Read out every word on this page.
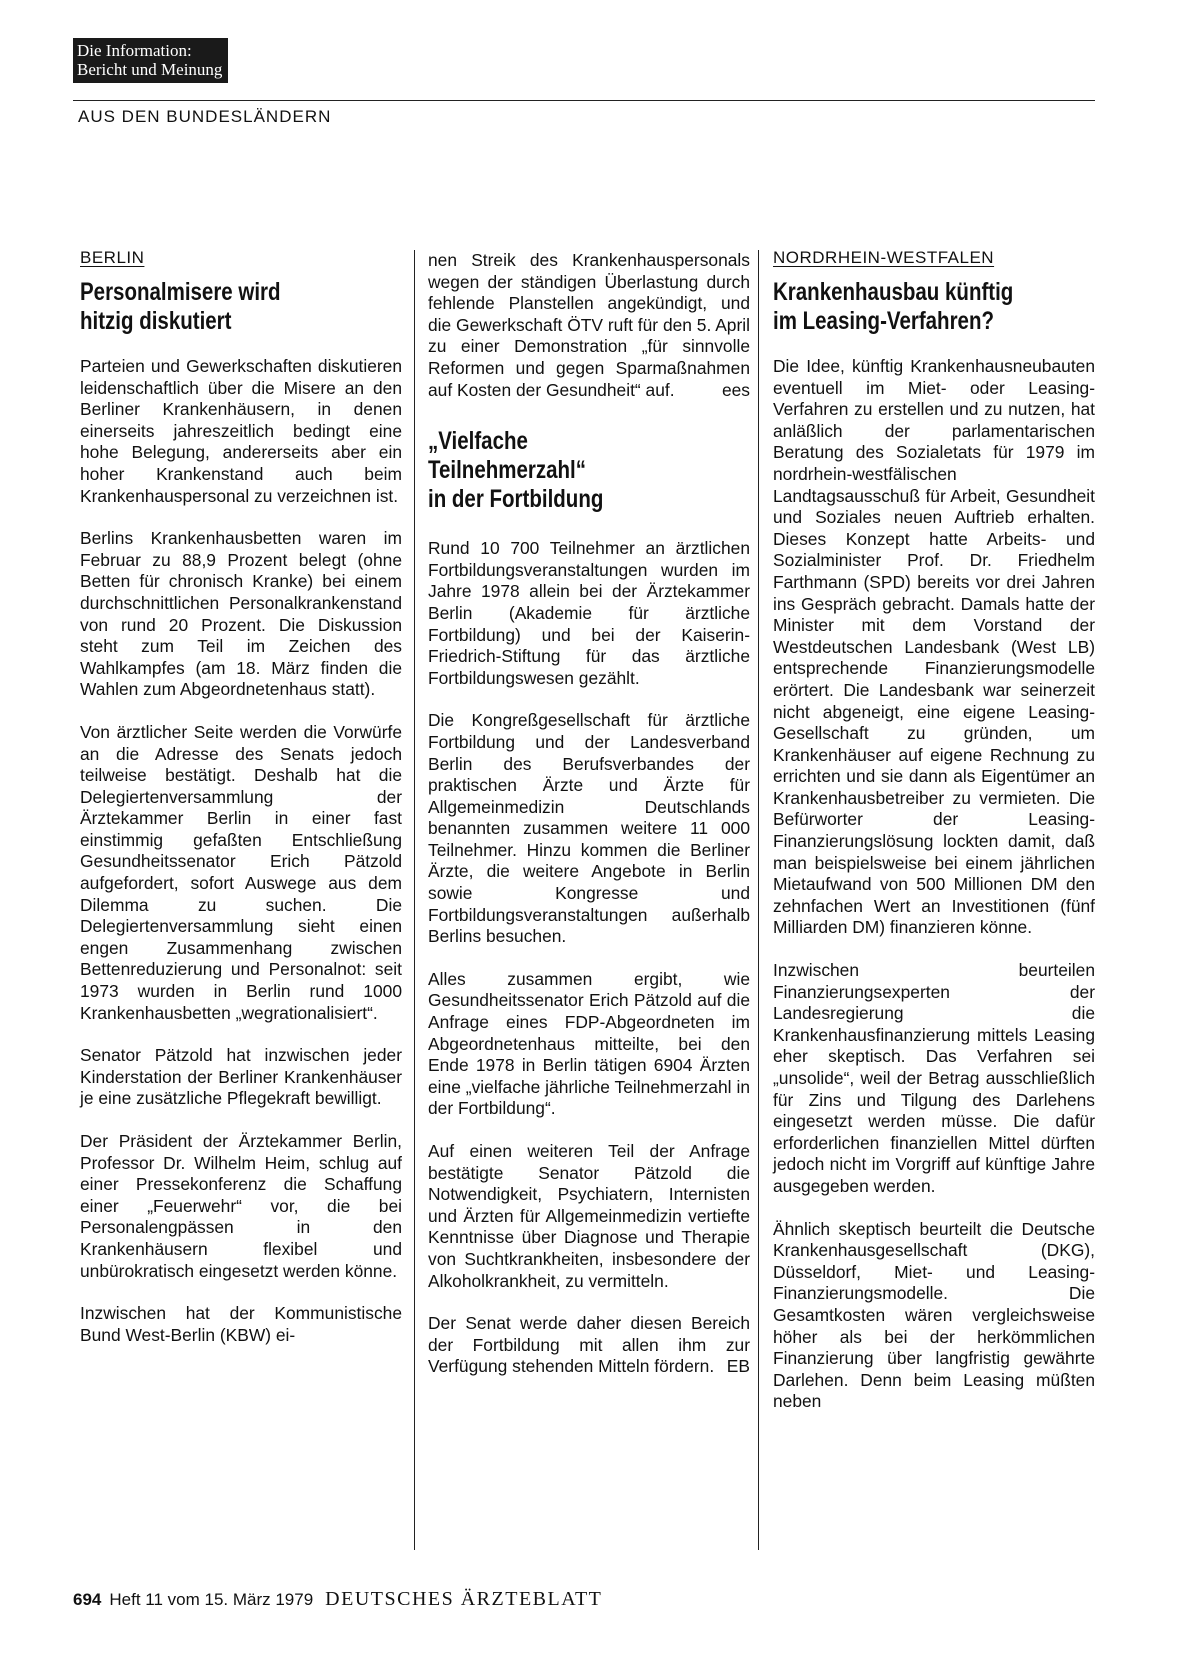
Die Information:
Bericht und Meinung
AUS DEN BUNDESLÄNDERN
BERLIN
Personalmisere wird
hitzig diskutiert

Parteien und Gewerkschaften diskutieren leidenschaftlich über die Misere an den Berliner Krankenhäusern, in denen einerseits jahreszeitlich bedingt eine hohe Belegung, andererseits aber ein hoher Krankenstand auch beim Krankenhauspersonal zu verzeichnen ist.

Berlins Krankenhausbetten waren im Februar zu 88,9 Prozent belegt (ohne Betten für chronisch Kranke) bei einem durchschnittlichen Personalkrankenstand von rund 20 Prozent. Die Diskussion steht zum Teil im Zeichen des Wahlkampfes (am 18. März finden die Wahlen zum Abgeordnetenhaus statt).

Von ärztlicher Seite werden die Vorwürfe an die Adresse des Senats jedoch teilweise bestätigt. Deshalb hat die Delegiertenversammlung der Ärztekammer Berlin in einer fast einstimmig gefaßten Entschließung Gesundheitssenator Erich Pätzold aufgefordert, sofort Auswege aus dem Dilemma zu suchen. Die Delegiertenversammlung sieht einen engen Zusammenhang zwischen Bettenreduzierung und Personalnot: seit 1973 wurden in Berlin rund 1000 Krankenhausbetten „wegrationalisiert“.

Senator Pätzold hat inzwischen jeder Kinderstation der Berliner Krankenhäuser je eine zusätzliche Pflegekraft bewilligt.

Der Präsident der Ärztekammer Berlin, Professor Dr. Wilhelm Heim, schlug auf einer Pressekonferenz die Schaffung einer „Feuerwehr“ vor, die bei Personalengpässen in den Krankenhäusern flexibel und unbürokratisch eingesetzt werden könne.

Inzwischen hat der Kommunistische Bund West-Berlin (KBW) ei-

nen Streik des Krankenhauspersonals wegen der ständigen Überlastung durch fehlende Planstellen angekündigt, und die Gewerkschaft ÖTV ruft für den 5. April zu einer Demonstration „für sinnvolle Reformen und gegen Sparmaßnahmen auf Kosten der Gesundheit“ auf.	ees

„Vielfache
Teilnehmerzahl“
in der Fortbildung

Rund 10 700 Teilnehmer an ärztlichen Fortbildungsveranstaltungen wurden im Jahre 1978 allein bei der Ärztekammer Berlin (Akademie für ärztliche Fortbildung) und bei der Kaiserin-Friedrich-Stiftung für das ärztliche Fortbildungswesen gezählt.

Die Kongreßgesellschaft für ärztliche Fortbildung und der Landesverband Berlin des Berufsverbandes der praktischen Ärzte und Ärzte für Allgemeinmedizin Deutschlands benannten zusammen weitere 11 000 Teilnehmer. Hinzu kommen die Berliner Ärzte, die weitere Angebote in Berlin sowie Kongresse und Fortbildungsveranstaltungen außerhalb Berlins besuchen.

Alles zusammen ergibt, wie Gesundheitssenator Erich Pätzold auf die Anfrage eines FDP-Abgeordneten im Abgeordnetenhaus mitteilte, bei den Ende 1978 in Berlin tätigen 6904 Ärzten eine „vielfache jährliche Teilnehmerzahl in der Fortbildung“.

Auf einen weiteren Teil der Anfrage bestätigte Senator Pätzold die Notwendigkeit, Psychiatern, Internisten und Ärzten für Allgemeinmedizin vertiefte Kenntnisse über Diagnose und Therapie von Suchtkrankheiten, insbesondere der Alkoholkrankheit, zu vermitteln.

Der Senat werde daher diesen Bereich der Fortbildung mit allen ihm zur Verfügung stehenden Mitteln fördern. EB

NORDRHEIN-WESTFALEN
Krankenhausbau künftig
im Leasing-Verfahren?

Die Idee, künftig Krankenhausneubauten eventuell im Miet- oder Leasing-Verfahren zu erstellen und zu nutzen, hat anläßlich der parlamentarischen Beratung des Sozialetats für 1979 im nordrhein-westfälischen Landtagsausschuß für Arbeit, Gesundheit und Soziales neuen Auftrieb erhalten. Dieses Konzept hatte Arbeits- und Sozialminister Prof. Dr. Friedhelm Farthmann (SPD) bereits vor drei Jahren ins Gespräch gebracht. Damals hatte der Minister mit dem Vorstand der Westdeutschen Landesbank (West LB) entsprechende Finanzierungsmodelle erörtert. Die Landesbank war seinerzeit nicht abgeneigt, eine eigene Leasing-Gesellschaft zu gründen, um Krankenhäuser auf eigene Rechnung zu errichten und sie dann als Eigentümer an Krankenhausbetreiber zu vermieten. Die Befürworter der Leasing-Finanzierungslösung lockten damit, daß man beispielsweise bei einem jährlichen Mietaufwand von 500 Millionen DM den zehnfachen Wert an Investitionen (fünf Milliarden DM) finanzieren könne.

Inzwischen beurteilen Finanzierungsexperten der Landesregierung die Krankenhausfinanzierung mittels Leasing eher skeptisch. Das Verfahren sei „unsolide“, weil der Betrag ausschließlich für Zins und Tilgung des Darlehens eingesetzt werden müsse. Die dafür erforderlichen finanziellen Mittel dürften jedoch nicht im Vorgriff auf künftige Jahre ausgegeben werden.

Ähnlich skeptisch beurteilt die Deutsche Krankenhausgesellschaft (DKG), Düsseldorf, Miet- und Leasing-Finanzierungsmodelle. Die Gesamtkosten wären vergleichsweise höher als bei der herkömmlichen Finanzierung über langfristig gewährte Darlehen. Denn beim Leasing müßten neben

694 Heft 11 vom 15. März 1979 DEUTSCHES ÄRZTEBLATT
